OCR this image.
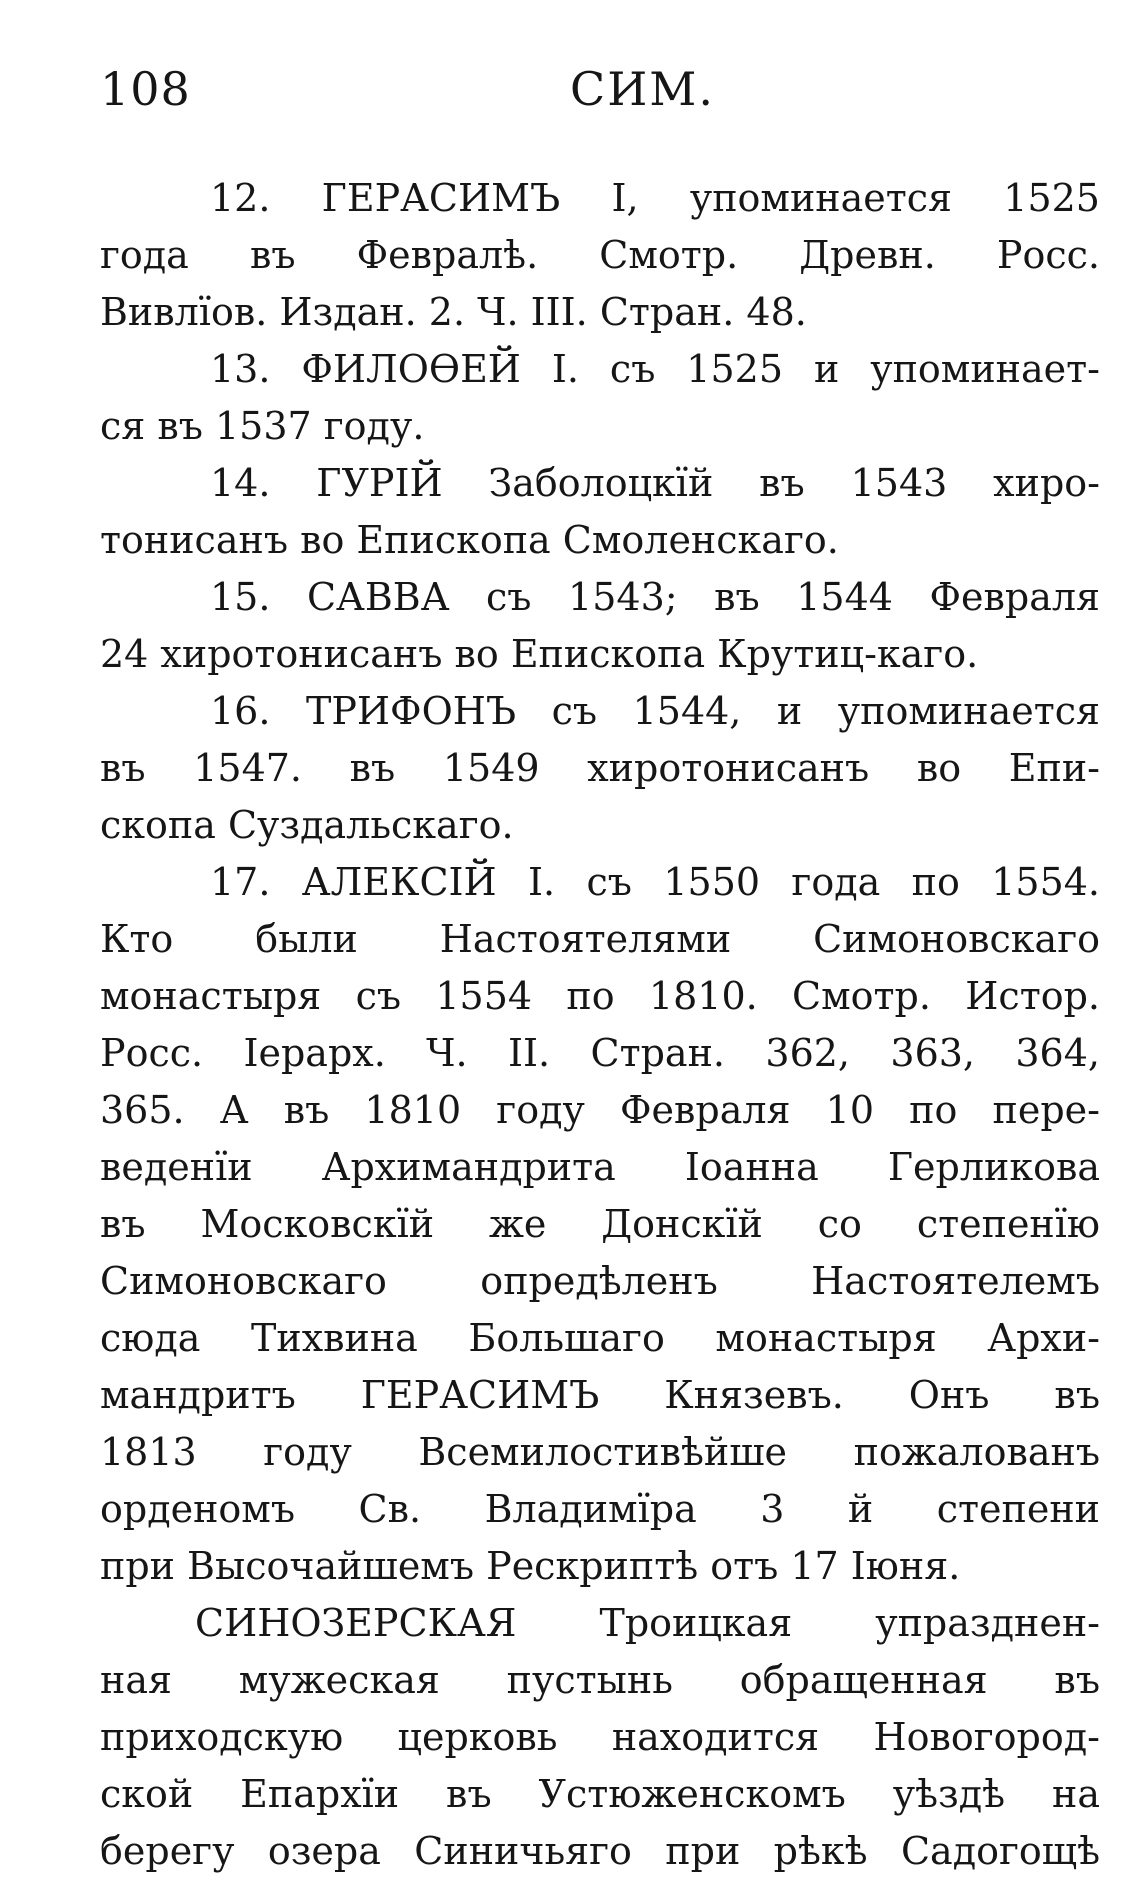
108	СИМ.
12. ГЕРАСИМЪ I, упоминается 1525
года въ Февралѣ. Смотр. Древн. Росс.
Вивлїов. Издан. 2. Ч. III. Стран. 48.
13. ФИЛОѲЕЙ I. съ 1525 и упоминает-
ся въ 1537 году.
14. ГУРIЙ Заболоцкїй въ 1543 хиро-
тонисанъ во Епископа Смоленскаго.
15. САВВА съ 1543; въ 1544 Февраля
24 хиротонисанъ во Епископа Крутиц-каго.
16. ТРИФОНЪ съ 1544, и упоминается
въ 1547. въ 1549 хиротонисанъ во Епи-
скопа Суздальскаго.
17. АЛЕКСIЙ I. съ 1550 года по 1554.
Кто были Настоятелями Симоновскаго
монастыря съ 1554 по 1810. Смотр. Истор.
Росс. Іерарх. Ч. II. Стран. 362, 363, 364,
365. А въ 1810 году Февраля 10 по пере-
веденїи Архимандрита Іоанна Герликова
въ Московскїй же Донскїй со степенїю
Симоновскаго опредѣленъ Настоятелемъ
сюда Тихвина Большаго монастыря Архи-
мандритъ ГЕРАСИМЪ Князевъ. Онъ въ
1813 году Всемилостивѣйше пожалованъ
орденомъ Св. Владимїра 3 й степени
при Высочайшемъ Рескриптѣ отъ 17 Іюня.
СИНОЗЕРСКАЯ Троицкая упразднен-
ная мужеская пустынь обращенная въ
приходскую церковь находится Новогород-
ской Епархїи въ Устюженскомъ уѣздѣ на
берегу озера Синичьяго при рѣкѣ Садогощѣ
